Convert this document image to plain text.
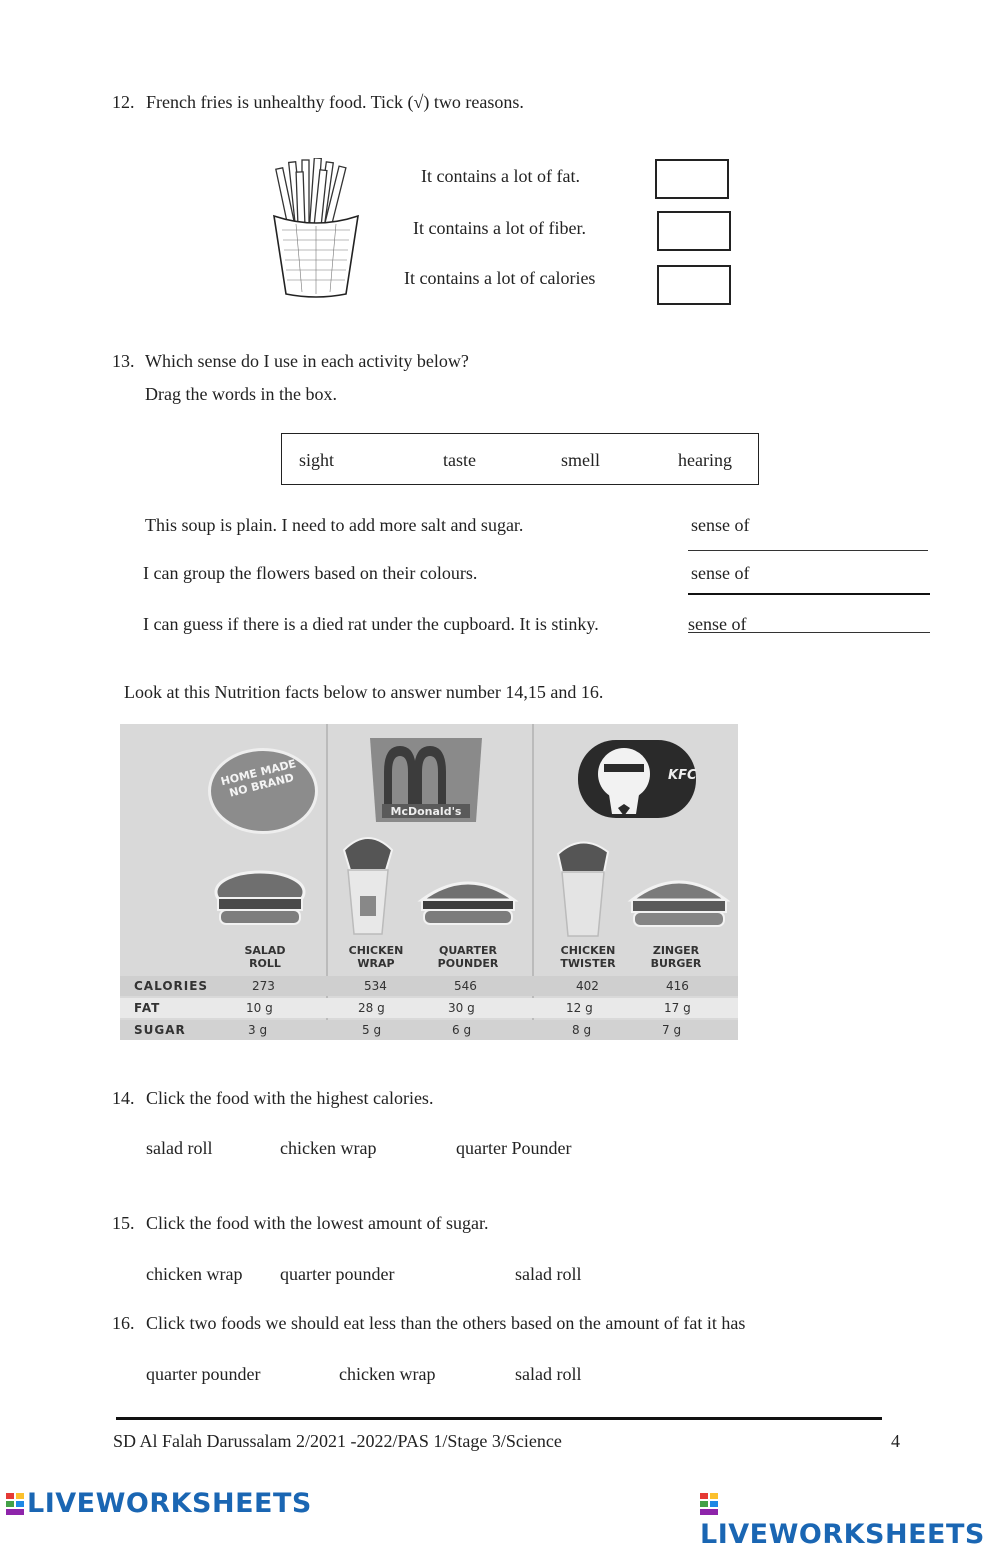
12. French fries is unhealthy food. Tick (√) two reasons.
It contains a lot of fat.
It contains a lot of fiber.
It contains a lot of calories
13. Which sense do I use in each activity below?
Drag the words in the box.
sight	taste	smell	hearing
This soup is plain. I need to add more salt and sugar.	sense of
I can group the flowers based on their colours.	sense of
I can guess if there is a died rat under the cupboard. It is stinky.	sense of
Look at this Nutrition facts below to answer number 14,15 and 16.
HOME MADE NO BRAND
McDonald's
KFC
SALAD ROLL
CHICKEN WRAP
QUARTER POUNDER
CHICKEN TWISTER
ZINGER BURGER
CALORIES	273	534	546	402	416
FAT	10 g	28 g	30 g	12 g	17 g
SUGAR	3 g	5 g	6 g	8 g	7 g
14. Click the food with the highest calories.
salad roll	chicken wrap	quarter Pounder
15. Click the food with the lowest amount of sugar.
chicken wrap quarter pounder	salad roll
16. Click two foods we should eat less than the others based on the amount of fat it has
quarter pounder	chicken wrap	salad roll
SD Al Falah Darussalam 2/2021 -2022/PAS 1/Stage 3/Science	4
LIVEWORKSHEETS
LIVEWORKSHEETS
